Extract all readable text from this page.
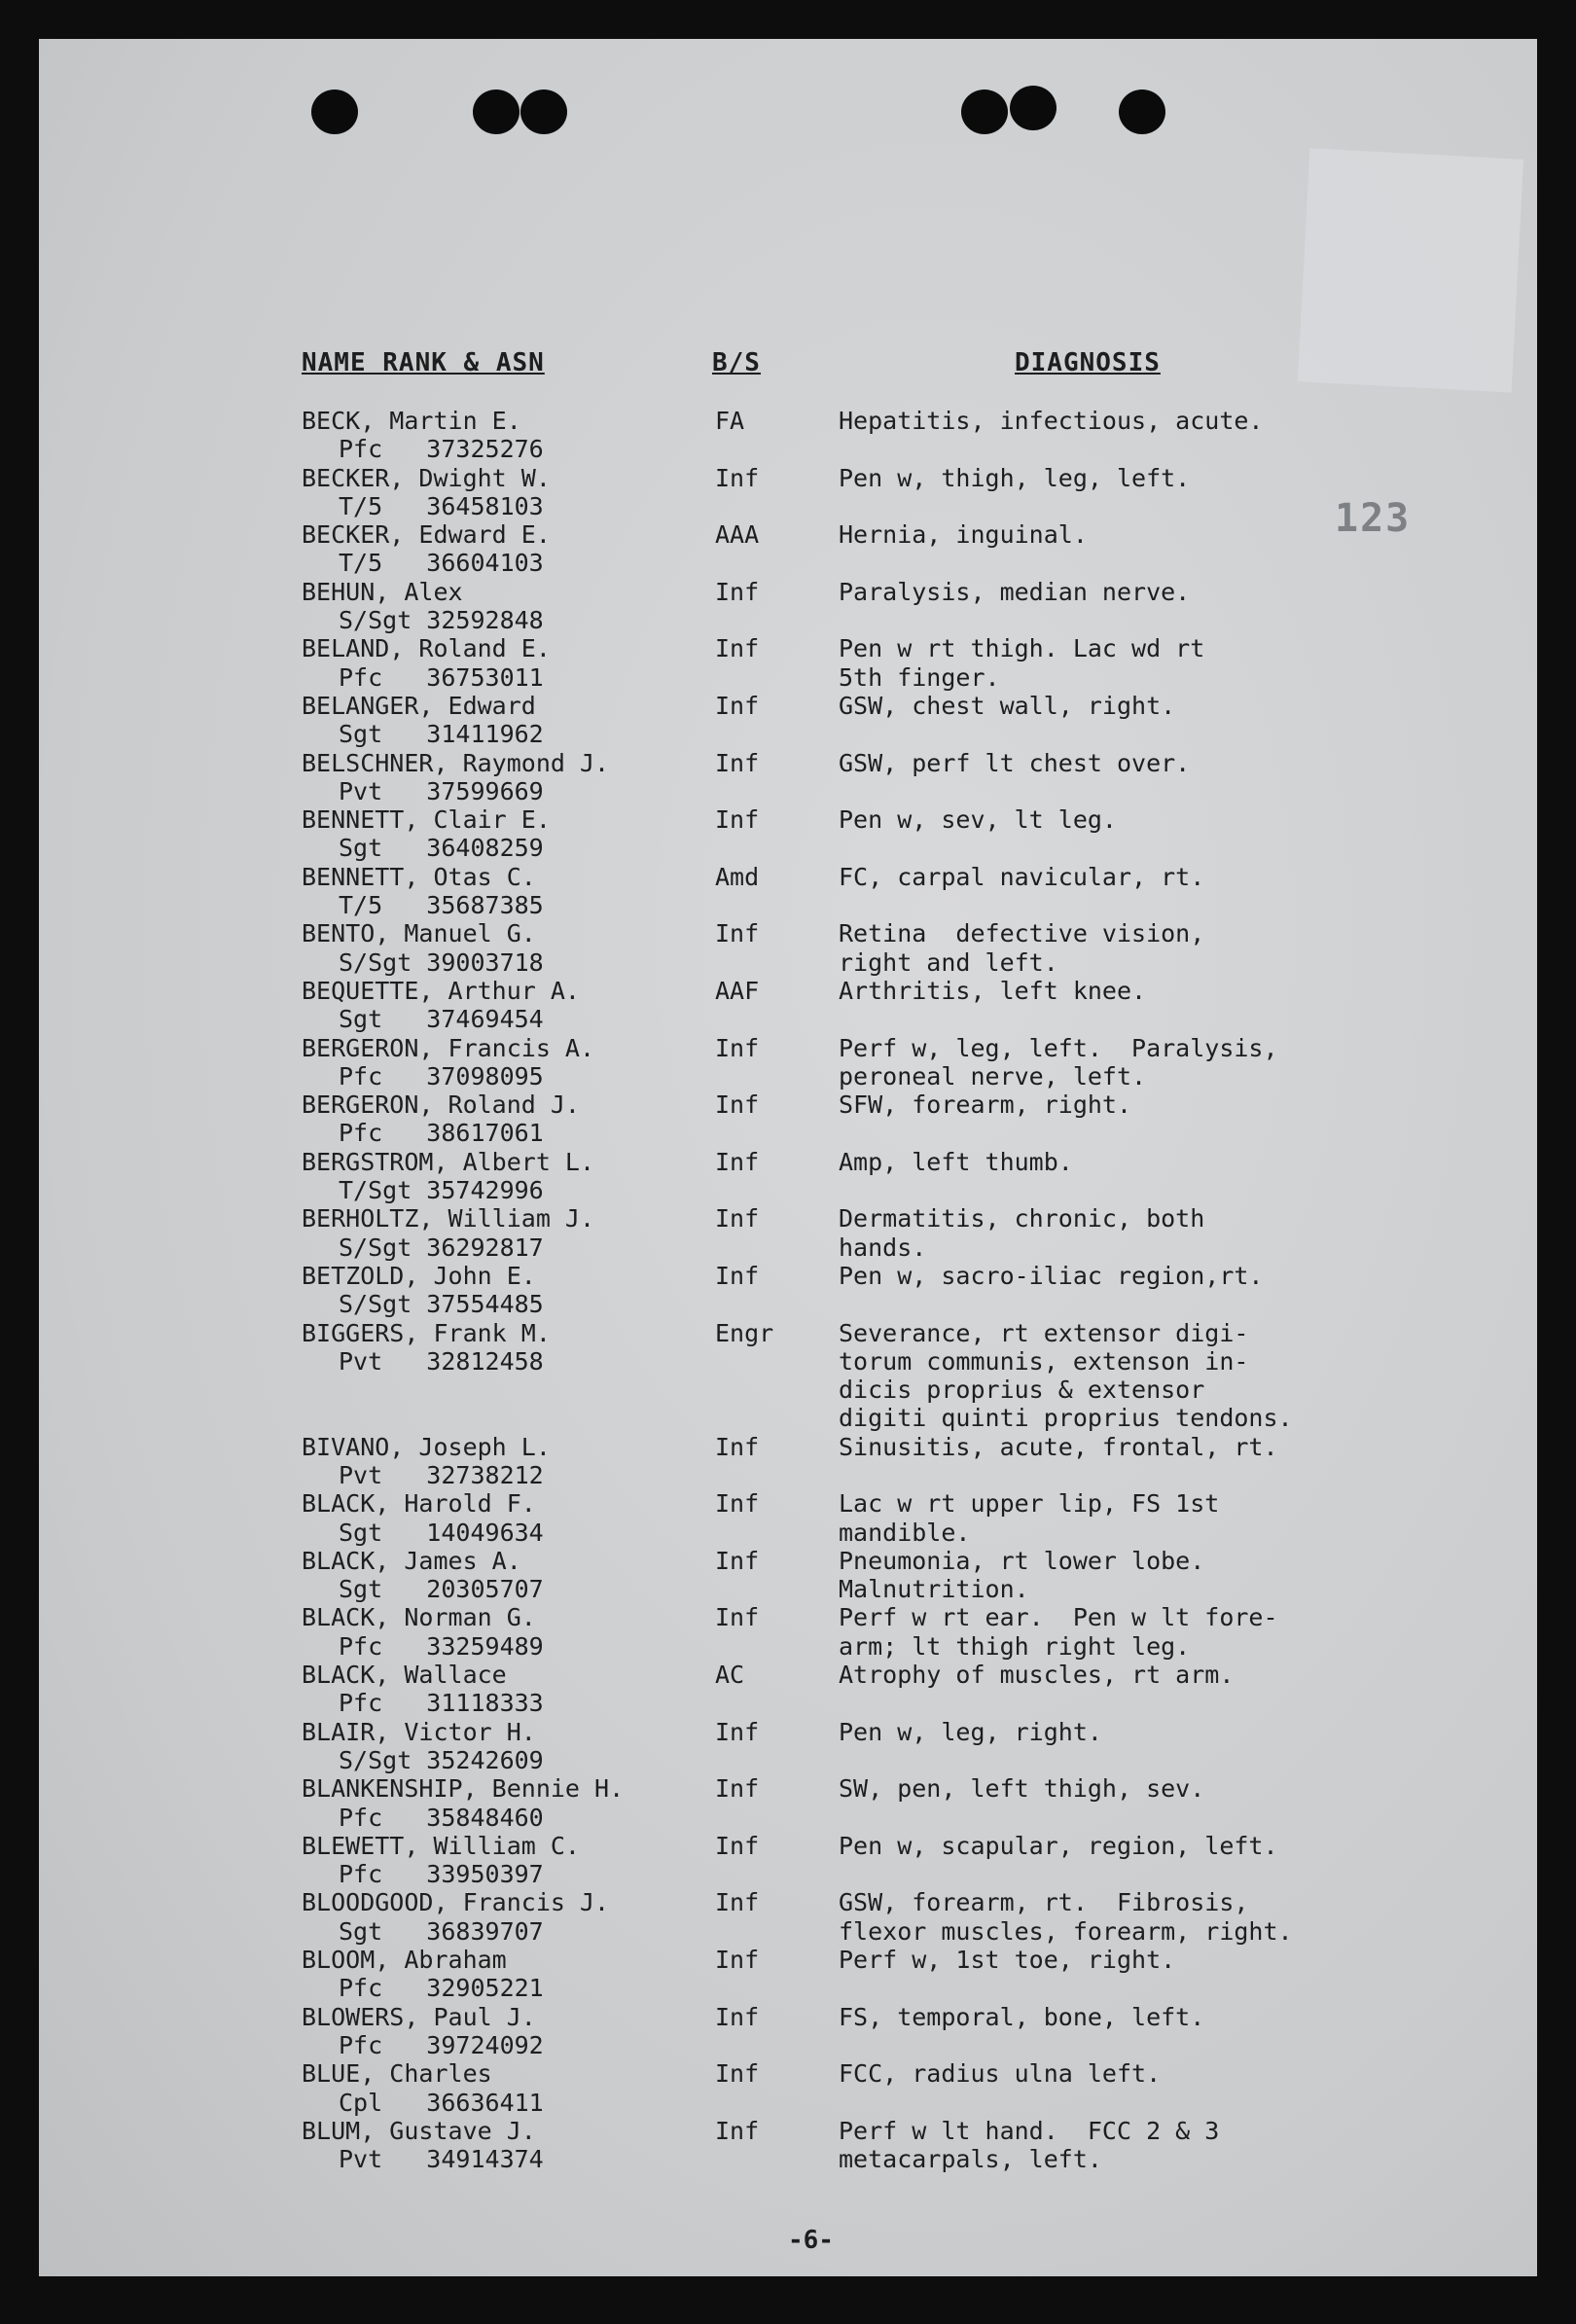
123
NAME RANK & ASN	B/S	DIAGNOSIS
BECK, Martin E.
Pfc   37325276
FA	Hepatitis, infectious, acute.
BECKER, Dwight W.
T/5   36458103
Inf	Pen w, thigh, leg, left.
BECKER, Edward E.
T/5   36604103
AAA	Hernia, inguinal.
BEHUN, Alex
S/Sgt 32592848
Inf	Paralysis, median nerve.
BELAND, Roland E.
Pfc   36753011
Inf	Pen w rt thigh. Lac wd rt
5th finger.
BELANGER, Edward
Sgt   31411962
Inf	GSW, chest wall, right.
BELSCHNER, Raymond J.
Pvt   37599669
Inf	GSW, perf lt chest over.
BENNETT, Clair E.
Sgt   36408259
Inf	Pen w, sev, lt leg.
BENNETT, Otas C.
T/5   35687385
Amd	FC, carpal navicular, rt.
BENTO, Manuel G.
S/Sgt 39003718
Inf	Retina  defective vision,
right and left.
BEQUETTE, Arthur A.
Sgt   37469454
AAF	Arthritis, left knee.
BERGERON, Francis A.
Pfc   37098095
Inf	Perf w, leg, left.  Paralysis,
peroneal nerve, left.
BERGERON, Roland J.
Pfc   38617061
Inf	SFW, forearm, right.
BERGSTROM, Albert L.
T/Sgt 35742996
Inf	Amp, left thumb.
BERHOLTZ, William J.
S/Sgt 36292817
Inf	Dermatitis, chronic, both
hands.
BETZOLD, John E.
S/Sgt 37554485
Inf	Pen w, sacro-iliac region,rt.
BIGGERS, Frank M.
Pvt   32812458
Engr	Severance, rt extensor digi-
torum communis, extenson in-
dicis proprius & extensor
digiti quinti proprius tendons.
BIVANO, Joseph L.
Pvt   32738212
Inf	Sinusitis, acute, frontal, rt.
BLACK, Harold F.
Sgt   14049634
Inf	Lac w rt upper lip, FS 1st
mandible.
BLACK, James A.
Sgt   20305707
Inf	Pneumonia, rt lower lobe.
Malnutrition.
BLACK, Norman G.
Pfc   33259489
Inf	Perf w rt ear.  Pen w lt fore-
arm; lt thigh right leg.
BLACK, Wallace
Pfc   31118333
AC	Atrophy of muscles, rt arm.
BLAIR, Victor H.
S/Sgt 35242609
Inf	Pen w, leg, right.
BLANKENSHIP, Bennie H.
Pfc   35848460
Inf	SW, pen, left thigh, sev.
BLEWETT, William C.
Pfc   33950397
Inf	Pen w, scapular, region, left.
BLOODGOOD, Francis J.
Sgt   36839707
Inf	GSW, forearm, rt.  Fibrosis,
flexor muscles, forearm, right.
BLOOM, Abraham
Pfc   32905221
Inf	Perf w, 1st toe, right.
BLOWERS, Paul J.
Pfc   39724092
Inf	FS, temporal, bone, left.
BLUE, Charles
Cpl   36636411
Inf	FCC, radius ulna left.
BLUM, Gustave J.
Pvt   34914374
Inf	Perf w lt hand.  FCC 2 & 3
metacarpals, left.
-6-
